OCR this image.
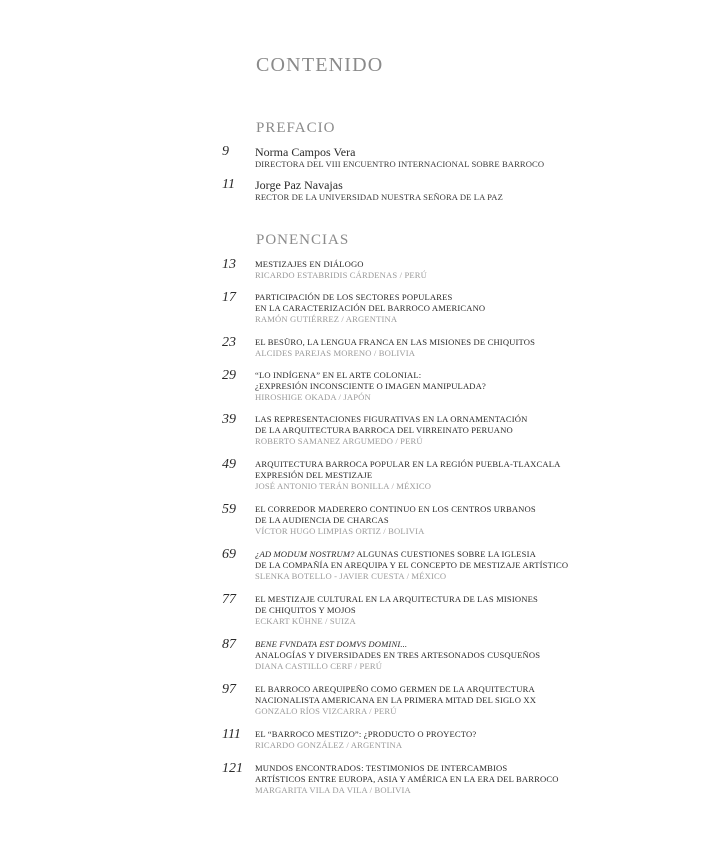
CONTENIDO
PREFACIO
9 Norma Campos Vera
DIRECTORA DEL VIII ENCUENTRO INTERNACIONAL SOBRE BARROCO
11 Jorge Paz Navajas
RECTOR DE LA UNIVERSIDAD NUESTRA SEÑORA DE LA PAZ
PONENCIAS
13 MESTIZAJES EN DIÁLOGO
RICARDO ESTABRIDIS CÁRDENAS / PERÚ
17 PARTICIPACIÓN DE LOS SECTORES POPULARES
EN LA CARACTERIZACIÓN DEL BARROCO AMERICANO
RAMÓN GUTIÉRREZ / ARGENTINA
23 EL BESÜRO, LA LENGUA FRANCA EN LAS MISIONES DE CHIQUITOS
ALCIDES PAREJAS MORENO / BOLIVIA
29 “LO INDÍGENA” EN EL ARTE COLONIAL:
¿EXPRESIÓN INCONSCIENTE O IMAGEN MANIPULADA?
HIROSHIGE OKADA / JAPÓN
39 LAS REPRESENTACIONES FIGURATIVAS EN LA ORNAMENTACIÓN
DE LA ARQUITECTURA BARROCA DEL VIRREINATO PERUANO
ROBERTO SAMANEZ ARGUMEDO / PERÚ
49 ARQUITECTURA BARROCA POPULAR EN LA REGIÓN PUEBLA-TLAXCALA
EXPRESIÓN DEL MESTIZAJE
JOSÉ ANTONIO TERÁN BONILLA / MÉXICO
59 EL CORREDOR MADERERO CONTINUO EN LOS CENTROS URBANOS
DE LA AUDIENCIA DE CHARCAS
VÍCTOR HUGO LIMPIAS ORTIZ / BOLIVIA
69 ¿AD MODUM NOSTRUM? ALGUNAS CUESTIONES SOBRE LA IGLESIA
DE LA COMPAÑÍA EN AREQUIPA Y EL CONCEPTO DE MESTIZAJE ARTÍSTICO
SLENKA BOTELLO - JAVIER CUESTA / MÉXICO
77 EL MESTIZAJE CULTURAL EN LA ARQUITECTURA DE LAS MISIONES
DE CHIQUITOS Y MOJOS
ECKART KÜHNE / SUIZA
87 BENE FVNDATA EST DOMVS DOMINI...
ANALOGÍAS Y DIVERSIDADES EN TRES ARTESONADOS CUSQUEÑOS
DIANA CASTILLO CERF / PERÚ
97 EL BARROCO AREQUIPEÑO COMO GERMEN DE LA ARQUITECTURA
NACIONALISTA AMERICANA EN LA PRIMERA MITAD DEL SIGLO XX
GONZALO RÍOS VIZCARRA / PERÚ
111 EL “BARROCO MESTIZO”: ¿PRODUCTO O PROYECTO?
RICARDO GONZÁLEZ / ARGENTINA
121 MUNDOS ENCONTRADOS: TESTIMONIOS DE INTERCAMBIOS
ARTÍSTICOS ENTRE EUROPA, ASIA Y AMÉRICA EN LA ERA DEL BARROCO
MARGARITA VILA DA VILA / BOLIVIA
